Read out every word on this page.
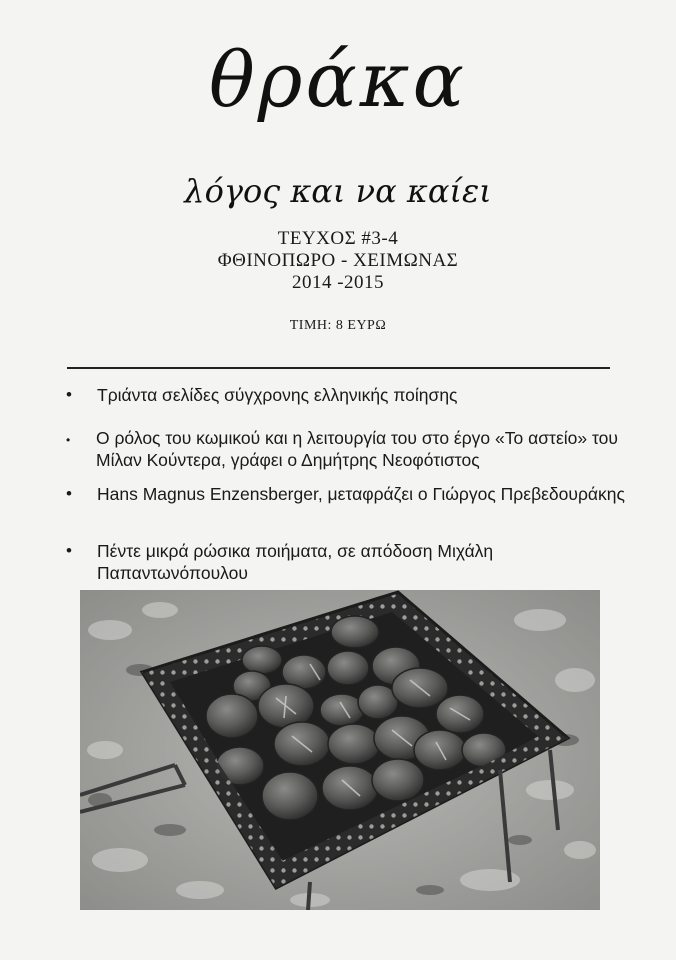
θράκα
λόγος και να καίει
ΤΕΥΧΟΣ #3-4
ΦΘΙΝΟΠΩΡΟ - ΧΕΙΜΩΝΑΣ
2014 -2015
ΤΙΜΗ: 8 ΕΥΡΩ
•	Τριάντα σελίδες σύγχρονης ελληνικής ποίησης
•	Ο ρόλος του κωμικού και η λειτουργία του στο έργο «Το αστείο» του Μίλαν Κούντερα, γράφει ο Δημήτρης Νεοφότιστος
•	Hans Magnus Enzensberger, μεταφράζει ο Γιώργος Πρεβεδουράκης
•	Πέντε μικρά ρώσικα ποιήματα, σε απόδοση Μιχάλη Παπαντωνόπουλου
